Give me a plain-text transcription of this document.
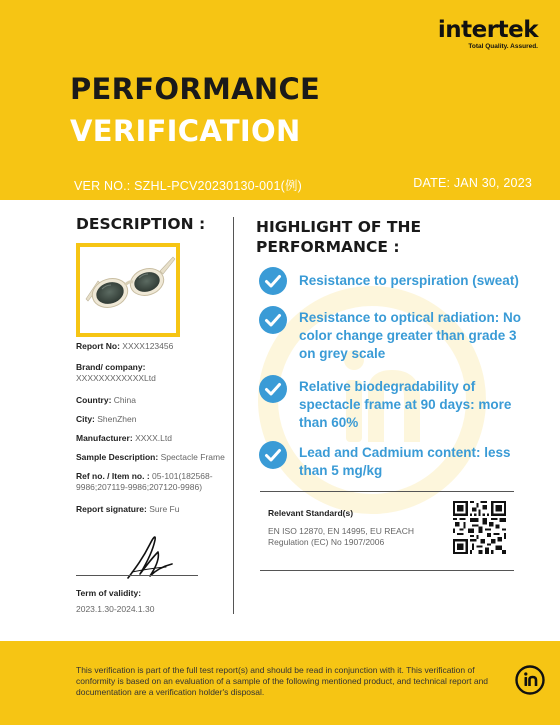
intertek
Total Quality. Assured.
PERFORMANCE
VERIFICATION
VER NO.: SZHL-PCV20230130-001(例)	DATE: JAN 30, 2023
DESCRIPTION :
Report No: XXXX123456
Brand/ company:
XXXXXXXXXXXXLtd
Country: China
City: ShenZhen
Manufacturer: XXXX.Ltd
Sample Description: Spectacle Frame
Ref no. / Item no. : 05-101(182568-
9986;207119-9986;207120-9986)
Report signature: Sure Fu
Term of validity:
2023.1.30-2024.1.30
HIGHLIGHT OF THE
PERFORMANCE :
Resistance to perspiration (sweat)
Resistance to optical radiation: No
color change greater than grade 3
on grey scale
Relative biodegradability of
spectacle frame at 90 days: more
than 60%
Lead and Cadmium content: less
than 5 mg/kg
Relevant Standard(s)
EN ISO 12870, EN 14995, EU REACH
Regulation (EC) No 1907/2006
This verification is part of the full test report(s) and should be read in conjunction with it. This verification of
conformity is based on an evaluation of a sample of the following mentioned product, and technical report and
documentation are a verification holder's disposal.
